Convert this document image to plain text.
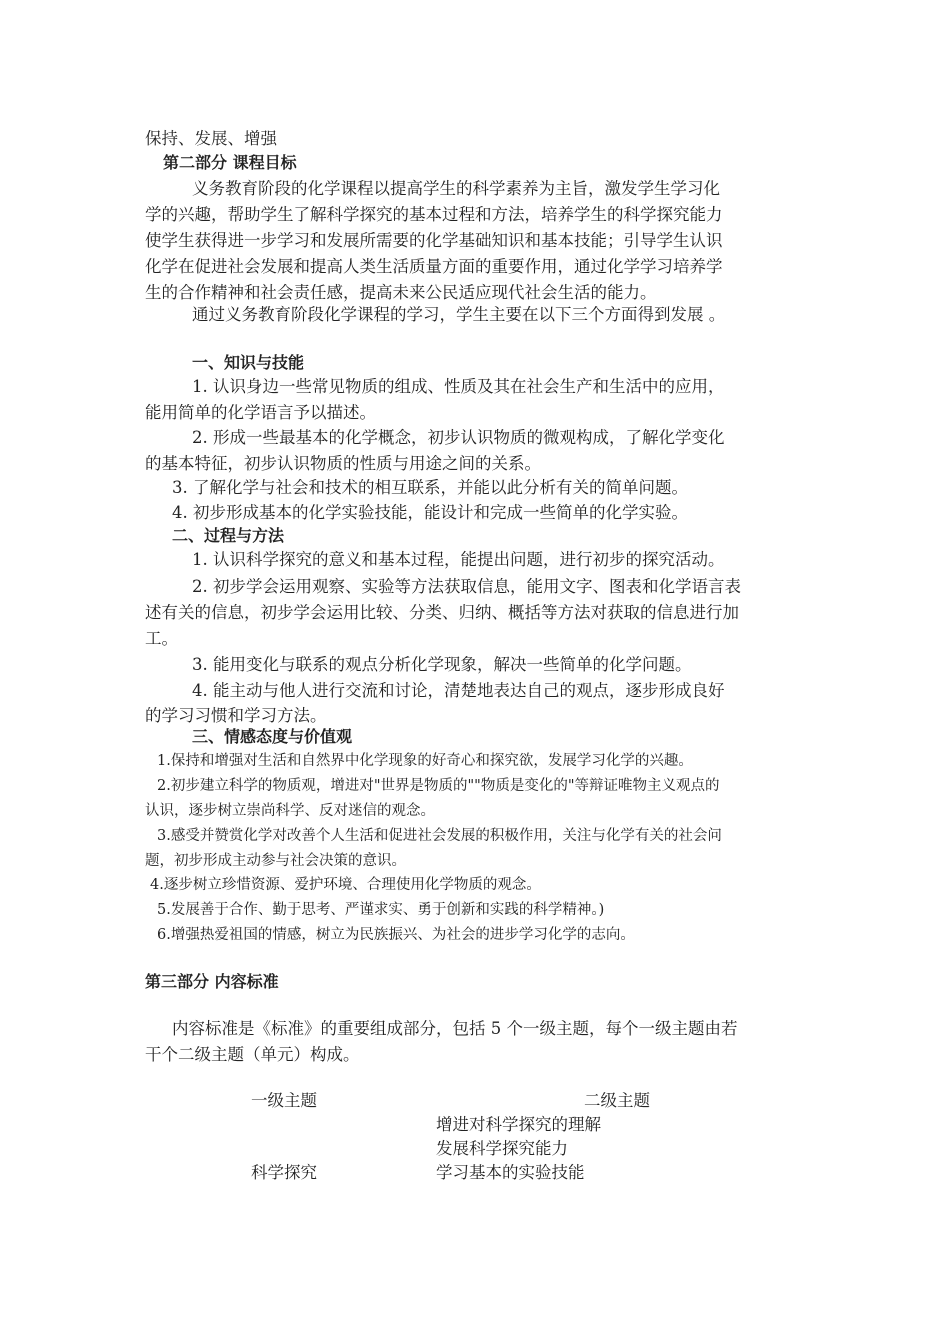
保持、发展、增强
第二部分 课程目标
义务教育阶段的化学课程以提高学生的科学素养为主旨，激发学生学习化
学的兴趣，帮助学生了解科学探究的基本过程和方法，培养学生的科学探究能力
使学生获得进一步学习和发展所需要的化学基础知识和基本技能；引导学生认识
化学在促进社会发展和提高人类生活质量方面的重要作用，通过化学学习培养学
生的合作精神和社会责任感，提高未来公民适应现代社会生活的能力。
通过义务教育阶段化学课程的学习，学生主要在以下三个方面得到发展 。
一、知识与技能
1. 认识身边一些常见物质的组成、性质及其在社会生产和生活中的应用，
能用简单的化学语言予以描述。
2. 形成一些最基本的化学概念，初步认识物质的微观构成，了解化学变化
的基本特征，初步认识物质的性质与用途之间的关系。
3. 了解化学与社会和技术的相互联系，并能以此分析有关的简单问题。
4. 初步形成基本的化学实验技能，能设计和完成一些简单的化学实验。
二、过程与方法
1. 认识科学探究的意义和基本过程，能提出问题，进行初步的探究活动。
2. 初步学会运用观察、实验等方法获取信息，能用文字、图表和化学语言表
述有关的信息，初步学会运用比较、分类、归纳、概括等方法对获取的信息进行加
工。
3. 能用变化与联系的观点分析化学现象，解决一些简单的化学问题。
4. 能主动与他人进行交流和讨论，清楚地表达自己的观点，逐步形成良好
的学习习惯和学习方法。
三、情感态度与价值观
1.保持和增强对生活和自然界中化学现象的好奇心和探究欲，发展学习化学的兴趣。
2.初步建立科学的物质观，增进对"世界是物质的""物质是变化的"等辩证唯物主义观点的
认识，逐步树立崇尚科学、反对迷信的观念。
3.感受并赞赏化学对改善个人生活和促进社会发展的积极作用，关注与化学有关的社会问
题，初步形成主动参与社会决策的意识。
4.逐步树立珍惜资源、爱护环境、合理使用化学物质的观念。
5.发展善于合作、勤于思考、严谨求实、勇于创新和实践的科学精神。)
6.增强热爱祖国的情感，树立为民族振兴、为社会的进步学习化学的志向。
第三部分 内容标准
内容标准是《标准》的重要组成部分，包括 5 个一级主题，每个一级主题由若
干个二级主题（单元）构成。
一级主题	二级主题
增进对科学探究的理解
发展科学探究能力
科学探究	学习基本的实验技能
